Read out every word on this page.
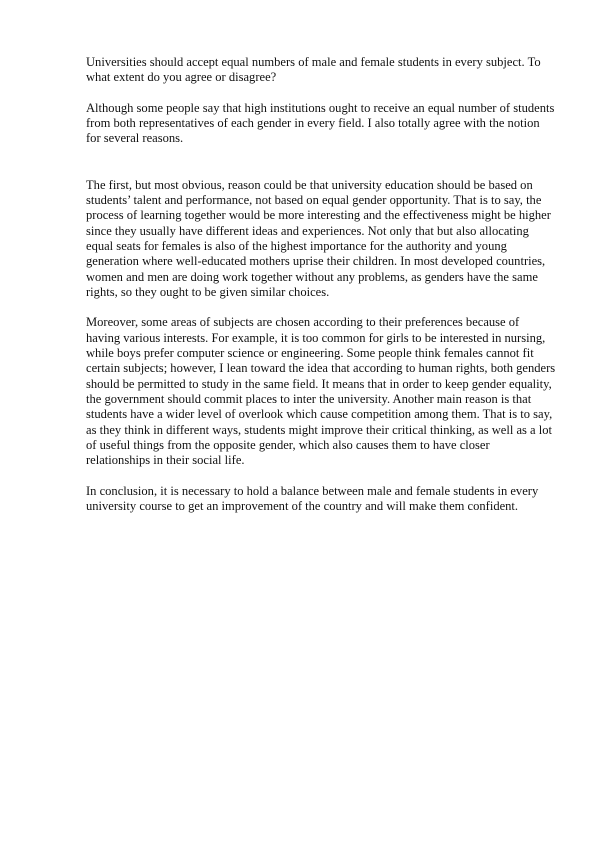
Universities should accept equal numbers of male and female students in every subject. To what extent do you agree or disagree?

Although some people say that high institutions ought to receive an equal number of students from both representatives of each gender in every field. I also totally agree with the notion for several reasons.

The first, but most obvious, reason could be that university education should be based on students’ talent and performance, not based on equal gender opportunity. That is to say, the process of learning together would be more interesting and the effectiveness might be higher since they usually have different ideas and experiences. Not only that but also allocating equal seats for females is also of the highest importance for the authority and young generation where well-educated mothers uprise their children. In most developed countries, women and men are doing work together without any problems, as genders have the same rights, so they ought to be given similar choices.

Moreover, some areas of subjects are chosen according to their preferences because of having various interests. For example, it is too common for girls to be interested in nursing, while boys prefer computer science or engineering. Some people think females cannot fit certain subjects; however, I lean toward the idea that according to human rights, both genders should be permitted to study in the same field. It means that in order to keep gender equality, the government should commit places to inter the university. Another main reason is that students have a wider level of overlook which cause competition among them. That is to say, as they think in different ways, students might improve their critical thinking, as well as a lot of useful things from the opposite gender, which also causes them to have closer relationships in their social life.

In conclusion, it is necessary to hold a balance between male and female students in every university course to get an improvement of the country and will make them confident.
